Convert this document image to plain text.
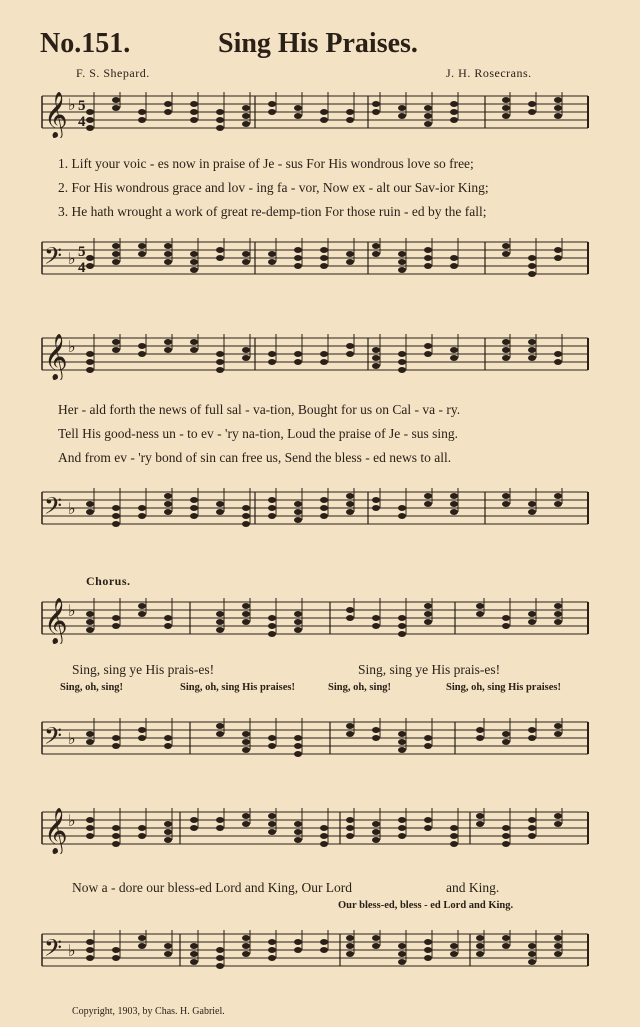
No.151.	Sing His Praises.
F. S. Shepard.	J. H. Rosecrans.
𝄞 ♭ 5
4
1. Lift your voic - es now in praise of Je - sus For His wondrous love so free;
2. For His wondrous grace and lov - ing fa - vor, Now ex - alt our Sav-ior King;
3. He hath wrought a work of great re-demp-tion For those ruin - ed by the fall;
𝄢 ♭ 5
4
𝄞 ♭
Her - ald forth the news of full sal - va-tion, Bought for us on Cal - va - ry.
Tell His good-ness un - to ev - 'ry na-tion, Loud the praise of Je - sus sing.
And from ev - 'ry bond of sin can free us, Send the bless - ed news to all.
𝄢 ♭
Chorus.
𝄞 ♭
Sing, sing ye His prais-es!	Sing, sing ye His prais-es!
Sing, oh, sing!	Sing, oh, sing His praises!	Sing, oh, sing!	Sing, oh, sing His praises!
𝄢 ♭
𝄞 ♭
Now a - dore our bless-ed Lord and King, Our Lord	and King.
Our bless-ed, bless - ed Lord and King.
𝄢 ♭
Copyright, 1903, by Chas. H. Gabriel.
